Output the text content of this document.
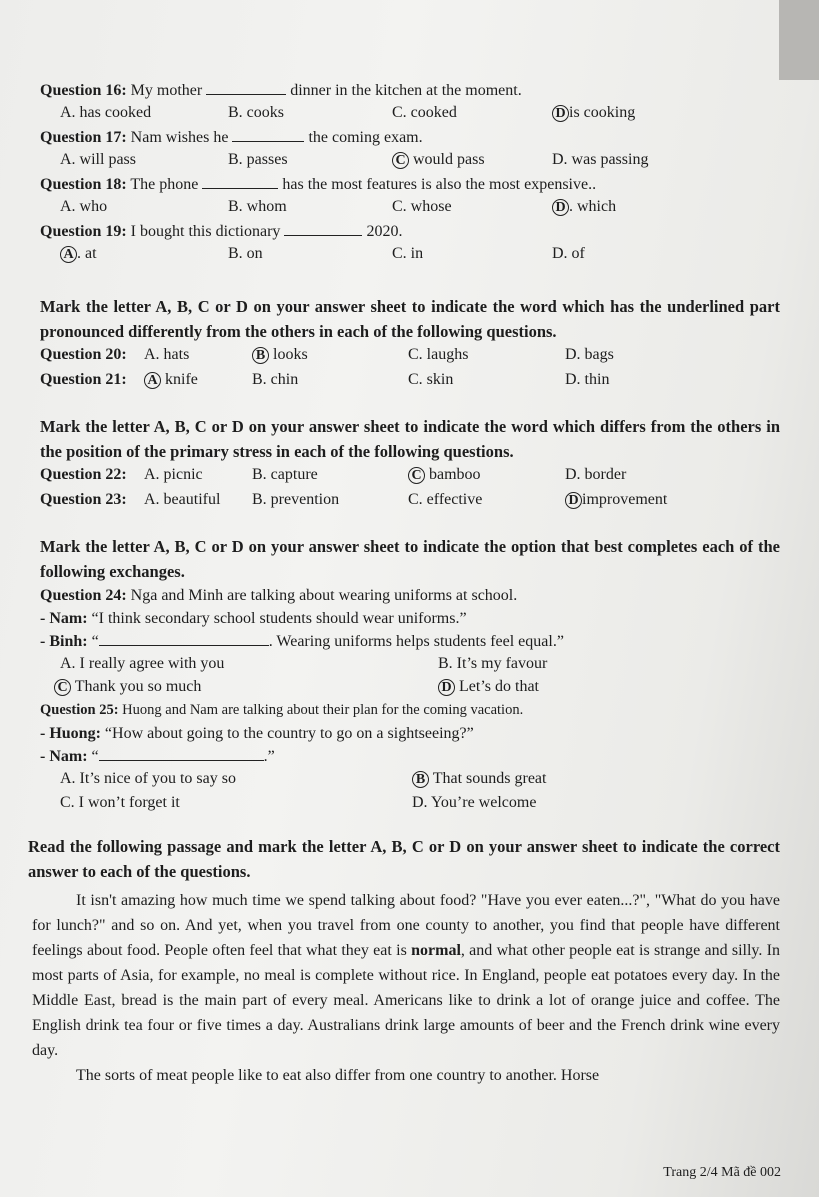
Question 16: My mother	dinner in the kitchen at the moment.
A. has cooked	B. cooks	C. cooked	D is cooking
Question 17: Nam wishes he	the coming exam.
A. will pass	B. passes	C would pass	D. was passing
Question 18: The phone	has the most features is also the most expensive..
A. who	B. whom	C. whose	D . which
Question 19: I bought this dictionary	2020.
A . at	B. on	C. in	D. of
Mark the letter A, B, C or D on your answer sheet to indicate the word which has the underlined part pronounced differently from the others in each of the following questions.
Question 20: A. hats	B looks	C. laughs	D. bags
Question 21: A knife	B. chin	C. skin	D. thin
Mark the letter A, B, C or D on your answer sheet to indicate the word which differs from the others in the position of the primary stress in each of the following questions.
Question 22: A. picnic	B. capture	C bamboo	D. border
Question 23: A. beautiful B. prevention	C. effective	D improvement
Mark the letter A, B, C or D on your answer sheet to indicate the option that best completes each of the following exchanges.
Question 24: Nga and Minh are talking about wearing uniforms at school.
- Nam: “I think secondary school students should wear uniforms.”
- Binh: “	. Wearing uniforms helps students feel equal.”
A. I really agree with you	B. It’s my favour
C Thank you so much	D Let’s do that
Question 25: Huong and Nam are talking about their plan for the coming vacation.
- Huong: “How about going to the country to go on a sightseeing?”
- Nam: “	.”
A. It’s nice of you to say so	B That sounds great
C. I won’t forget it	D. You’re welcome
Read the following passage and mark the letter A, B, C or D on your answer sheet to indicate the correct answer to each of the questions.

It isn't amazing how much time we spend talking about food? "Have you ever eaten...?", "What do you have for lunch?" and so on. And yet, when you travel from one county to another, you find that people have different feelings about food. People often feel that what they eat is normal, and what other people eat is strange and silly. In most parts of Asia, for example, no meal is complete without rice. In England, people eat potatoes every day. In the Middle East, bread is the main part of every meal. Americans like to drink a lot of orange juice and coffee. The English drink tea four or five times a day. Australians drink large amounts of beer and the French drink wine every day.

The sorts of meat people like to eat also differ from one country to another. Horse

Trang 2/4 Mã đề 002
